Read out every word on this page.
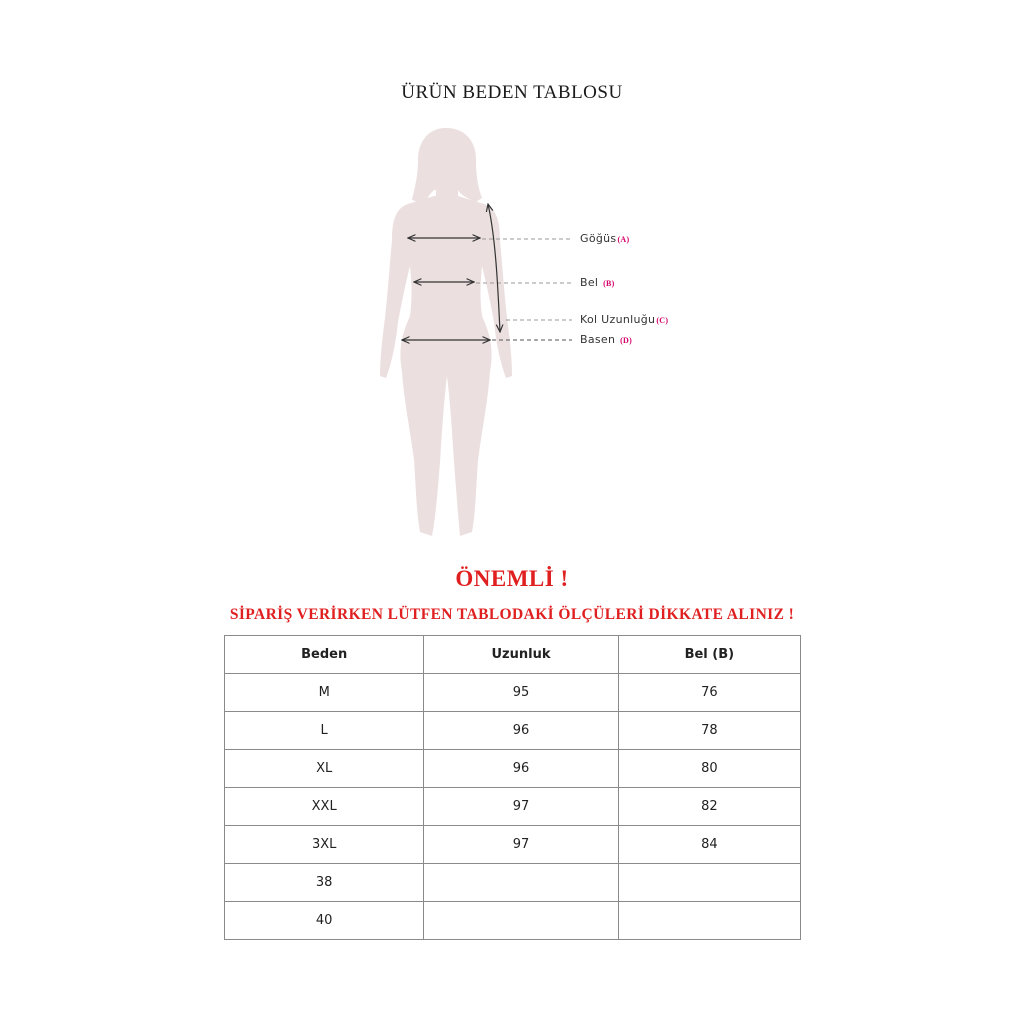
ÜRÜN BEDEN TABLOSU
Göğüs(A)
Bel (B)
Kol Uzunluğu(C)
Basen (D)
ÖNEMLİ !
SİPARİŞ VERİRKEN LÜTFEN TABLODAKİ ÖLÇÜLERİ DİKKATE ALINIZ !
Beden	Uzunluk	Bel (B)
M	95	76
L	96	78
XL	96	80
XXL	97	82
3XL	97	84
38		
40		
